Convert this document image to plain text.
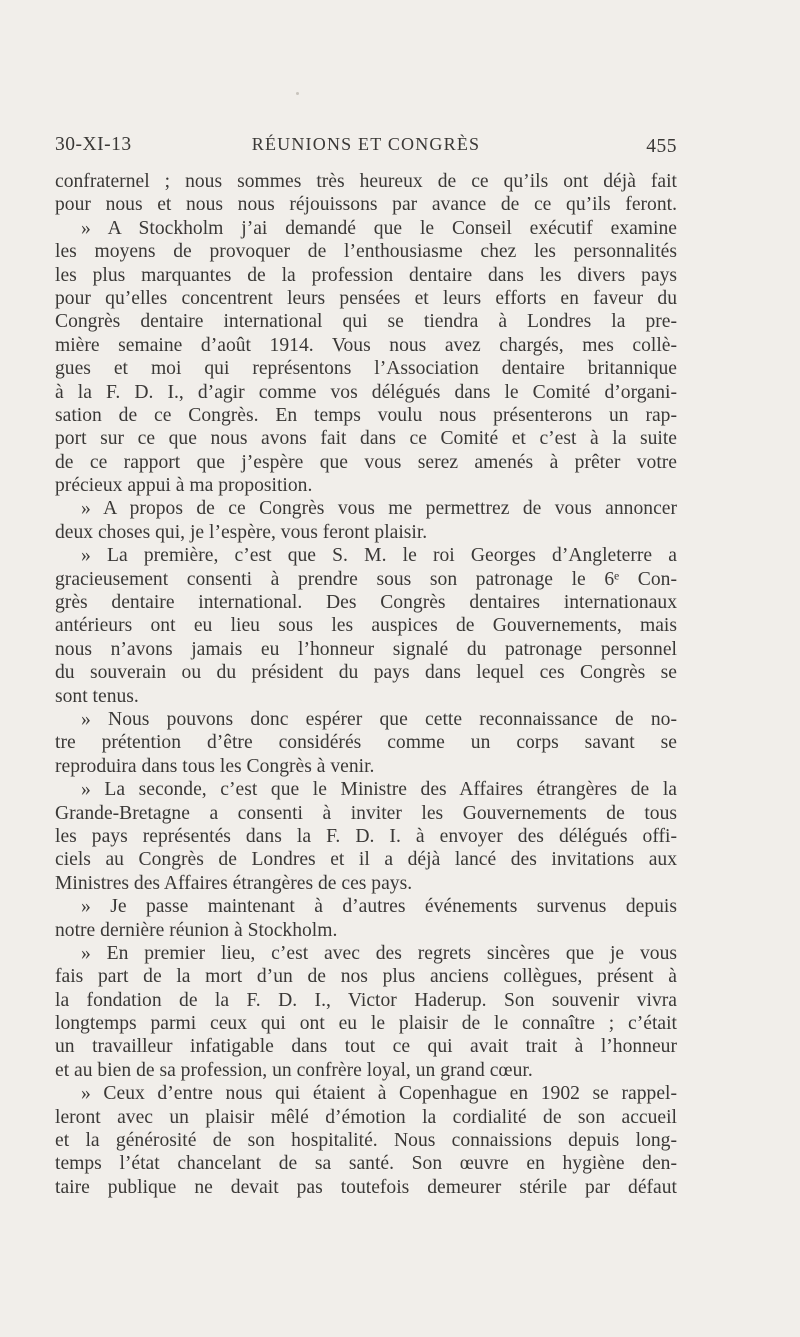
30-XI-13	RÉUNIONS ET CONGRÈS	455
confraternel ; nous sommes très heureux de ce qu’ils ont déjà fait
pour nous et nous nous réjouissons par avance de ce qu’ils feront.
» A Stockholm j’ai demandé que le Conseil exécutif examine
les moyens de provoquer de l’enthousiasme chez les personnalités
les plus marquantes de la profession dentaire dans les divers pays
pour qu’elles concentrent leurs pensées et leurs efforts en faveur du
Congrès dentaire international qui se tiendra à Londres la pre-
mière semaine d’août 1914. Vous nous avez chargés, mes collè-
gues et moi qui représentons l’Association dentaire britannique
à la F. D. I., d’agir comme vos délégués dans le Comité d’organi-
sation de ce Congrès. En temps voulu nous présenterons un rap-
port sur ce que nous avons fait dans ce Comité et c’est à la suite
de ce rapport que j’espère que vous serez amenés à prêter votre
précieux appui à ma proposition.
» A propos de ce Congrès vous me permettrez de vous annoncer
deux choses qui, je l’espère, vous feront plaisir.
» La première, c’est que S. M. le roi Georges d’Angleterre a
gracieusement consenti à prendre sous son patronage le 6ᵉ Con-
grès dentaire international. Des Congrès dentaires internationaux
antérieurs ont eu lieu sous les auspices de Gouvernements, mais
nous n’avons jamais eu l’honneur signalé du patronage personnel
du souverain ou du président du pays dans lequel ces Congrès se
sont tenus.
» Nous pouvons donc espérer que cette reconnaissance de no-
tre prétention d’être considérés comme un corps savant se
reproduira dans tous les Congrès à venir.
» La seconde, c’est que le Ministre des Affaires étrangères de la
Grande-Bretagne a consenti à inviter les Gouvernements de tous
les pays représentés dans la F. D. I. à envoyer des délégués offi-
ciels au Congrès de Londres et il a déjà lancé des invitations aux
Ministres des Affaires étrangères de ces pays.
» Je passe maintenant à d’autres événements survenus depuis
notre dernière réunion à Stockholm.
» En premier lieu, c’est avec des regrets sincères que je vous
fais part de la mort d’un de nos plus anciens collègues, présent à
la fondation de la F. D. I., Victor Haderup. Son souvenir vivra
longtemps parmi ceux qui ont eu le plaisir de le connaître ; c’était
un travailleur infatigable dans tout ce qui avait trait à l’honneur
et au bien de sa profession, un confrère loyal, un grand cœur.
» Ceux d’entre nous qui étaient à Copenhague en 1902 se rappel-
leront avec un plaisir mêlé d’émotion la cordialité de son accueil
et la générosité de son hospitalité. Nous connaissions depuis long-
temps l’état chancelant de sa santé. Son œuvre en hygiène den-
taire publique ne devait pas toutefois demeurer stérile par défaut
